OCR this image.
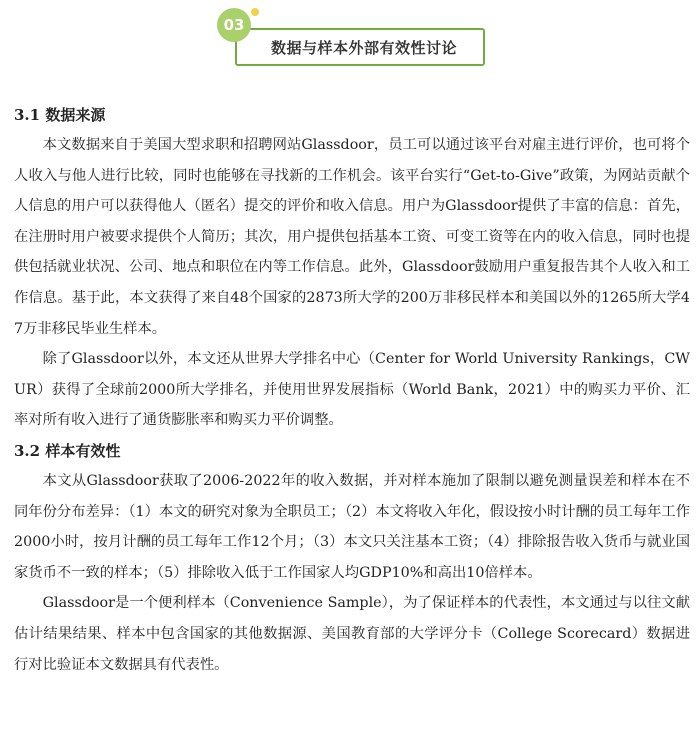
03
数据与样本外部有效性讨论
3.1 数据来源

本文数据来自于美国大型求职和招聘网站Glassdoor，员工可以通过该平台对雇主进行评价，也可将个人收入与他人进行比较，同时也能够在寻找新的工作机会。该平台实行“Get-to-Give”政策，为网站贡献个人信息的用户可以获得他人（匿名）提交的评价和收入信息。用户为Glassdoor提供了丰富的信息：首先，在注册时用户被要求提供个人简历；其次，用户提供包括基本工资、可变工资等在内的收入信息，同时也提供包括就业状况、公司、地点和职位在内等工作信息。此外，Glassdoor鼓励用户重复报告其个人收入和工作信息。基于此，本文获得了来自48个国家的2873所大学的200万非移民样本和美国以外的1265所大学47万非移民毕业生样本。

除了Glassdoor以外，本文还从世界大学排名中心（Center for World University Rankings，CWUR）获得了全球前2000所大学排名，并使用世界发展指标（World Bank，2021）中的购买力平价、汇率对所有收入进行了通货膨胀率和购买力平价调整。

3.2 样本有效性

本文从Glassdoor获取了2006-2022年的收入数据，并对样本施加了限制以避免测量误差和样本在不同年份分布差异：（1）本文的研究对象为全职员工；（2）本文将收入年化，假设按小时计酬的员工每年工作2000小时，按月计酬的员工每年工作12个月；（3）本文只关注基本工资；（4）排除报告收入货币与就业国家货币不一致的样本；（5）排除收入低于工作国家人均GDP10%和高出10倍样本。

Glassdoor是一个便利样本（Convenience Sample），为了保证样本的代表性，本文通过与以往文献估计结果结果、样本中包含国家的其他数据源、美国教育部的大学评分卡（College Scorecard）数据进行对比验证本文数据具有代表性。
